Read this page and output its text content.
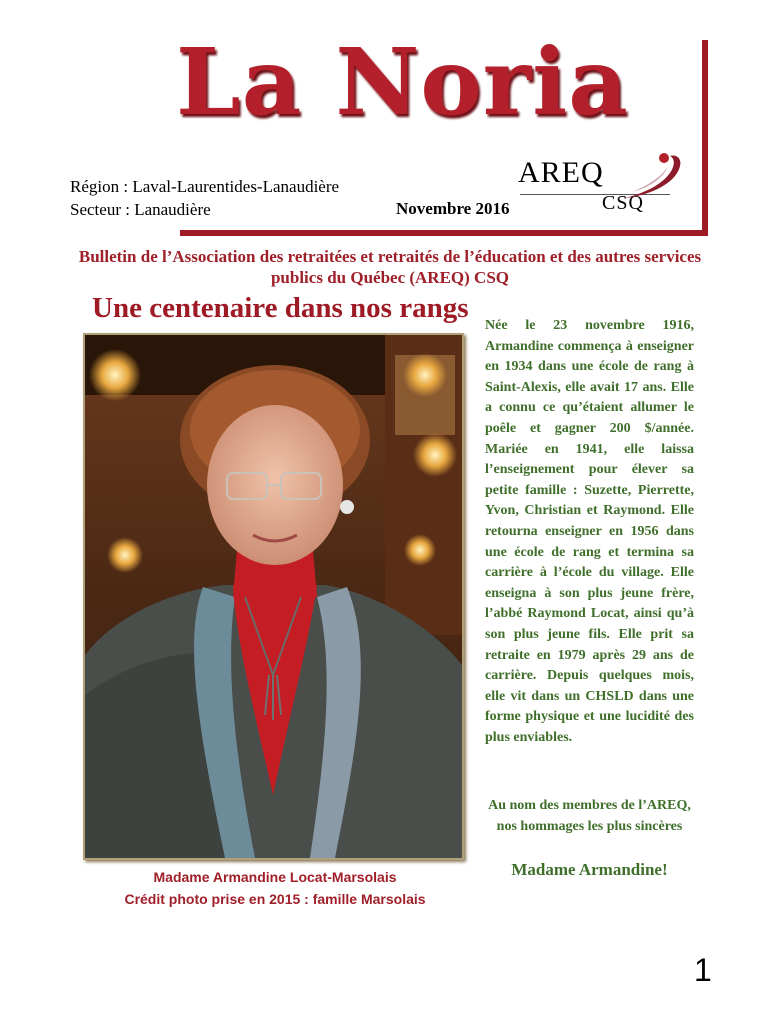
La Noria
Région : Laval-Laurentides-Lanaudière
Secteur : Lanaudière	Novembre 2016
AREQ
CSQ

Bulletin de l’Association des retraitées et retraités de l’éducation et des autres services publics du Québec (AREQ) CSQ

Une centenaire dans nos rangs

Madame Armandine Locat-Marsolais

Crédit photo prise en 2015 : famille Marsolais

Née le 23 novembre 1916, Armandine commença à enseigner en 1934 dans une école de rang à Saint-Alexis, elle avait 17 ans. Elle a connu ce qu’étaient allumer le poêle et gagner 200 $/année. Mariée en 1941, elle laissa l’enseignement pour élever sa petite famille : Suzette, Pierrette, Yvon, Christian et Raymond. Elle retourna enseigner en 1956 dans une école de rang et termina sa carrière à l’école du village. Elle enseigna à son plus jeune frère, l’abbé Raymond Locat, ainsi qu’à son plus jeune fils. Elle prit sa retraite en 1979 après 29 ans de carrière. Depuis quelques mois, elle vit dans un CHSLD dans une forme physique et une lucidité des plus enviables.

Au nom des membres de l’AREQ, nos hommages les plus sincères

Madame Armandine!

1
